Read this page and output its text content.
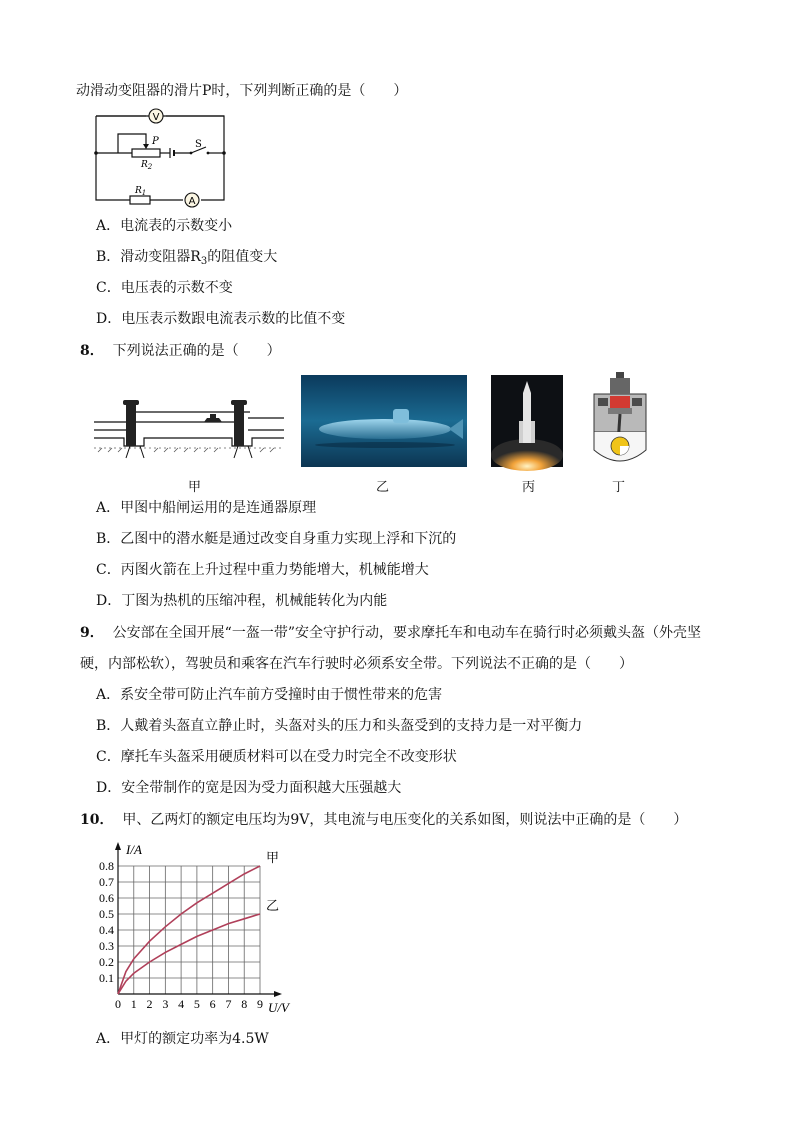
动滑动变阻器的滑片P时，下列判断正确的是（　　）
V
A
P	S
$R_2$
$R_1$
A．电流表的示数变小
B．滑动变阻器$R_3$的阻值变大
C．电压表的示数不变
D．电压表示数跟电流表示数的比值不变
8． 下列说法正确的是（　　）
甲	乙	丙	丁
A．甲图中船闸运用的是连通器原理
B．乙图中的潜水艇是通过改变自身重力实现上浮和下沉的
C．丙图火箭在上升过程中重力势能增大，机械能增大
D．丁图为热机的压缩冲程，机械能转化为内能
9． 公安部在全国开展“一盔一带”安全守护行动，要求摩托车和电动车在骑行时必须戴头盔（外壳坚
硬，内部松软），驾驶员和乘客在汽车行驶时必须系安全带。下列说法不正确的是（　　）
A．系安全带可防止汽车前方受撞时由于惯性带来的危害
B．人戴着头盔直立静止时，头盔对头的压力和头盔受到的支持力是一对平衡力
C．摩托车头盔采用硬质材料可以在受力时完全不改变形状
D．安全带制作的宽是因为受力面积越大压强越大
10． 甲、乙两灯的额定电压均为9V，其电流与电压变化的关系如图，则说法中正确的是（　　）
0 1 2 3 4 5 6 7 8 9
0.1
0.2
0.3
0.4
0.5
0.6
0.7
0.8
I/A
U/V
甲
乙
A．甲灯的额定功率为4.5W
